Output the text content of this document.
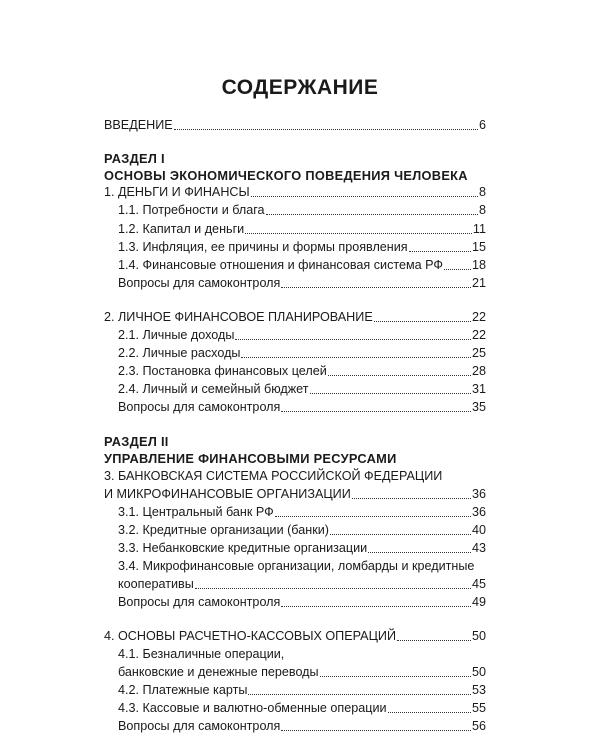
СОДЕРЖАНИЕ
ВВЕДЕНИЕ	6
РАЗДЕЛ I
ОСНОВЫ ЭКОНОМИЧЕСКОГО ПОВЕДЕНИЯ ЧЕЛОВЕКА
1. ДЕНЬГИ И ФИНАНСЫ	8
1.1. Потребности и блага	8
1.2. Капитал и деньги	11
1.3. Инфляция, ее причины и формы проявления	15
1.4. Финансовые отношения и финансовая система РФ 18
Вопросы для самоконтроля	21
2. ЛИЧНОЕ ФИНАНСОВОЕ ПЛАНИРОВАНИЕ	22
2.1. Личные доходы	22
2.2. Личные расходы	25
2.3. Постановка финансовых целей	28
2.4. Личный и семейный бюджет	31
Вопросы для самоконтроля	35
РАЗДЕЛ II
УПРАВЛЕНИЕ ФИНАНСОВЫМИ РЕСУРСАМИ
3. БАНКОВСКАЯ СИСТЕМА РОССИЙСКОЙ ФЕДЕРАЦИИ
И МИКРОФИНАНСОВЫЕ ОРГАНИЗАЦИИ	36
3.1. Центральный банк РФ	36
3.2. Кредитные организации (банки)	40
3.3. Небанковские кредитные организации	43
3.4. Микрофинансовые организации, ломбарды и кредитные
кооперативы	45
Вопросы для самоконтроля	49
4. ОСНОВЫ РАСЧЕТНО-КАССОВЫХ ОПЕРАЦИЙ	50
4.1. Безналичные операции,
банковские и денежные переводы	50
4.2. Платежные карты	53
4.3. Кассовые и валютно-обменные операции	55
Вопросы для самоконтроля	56
